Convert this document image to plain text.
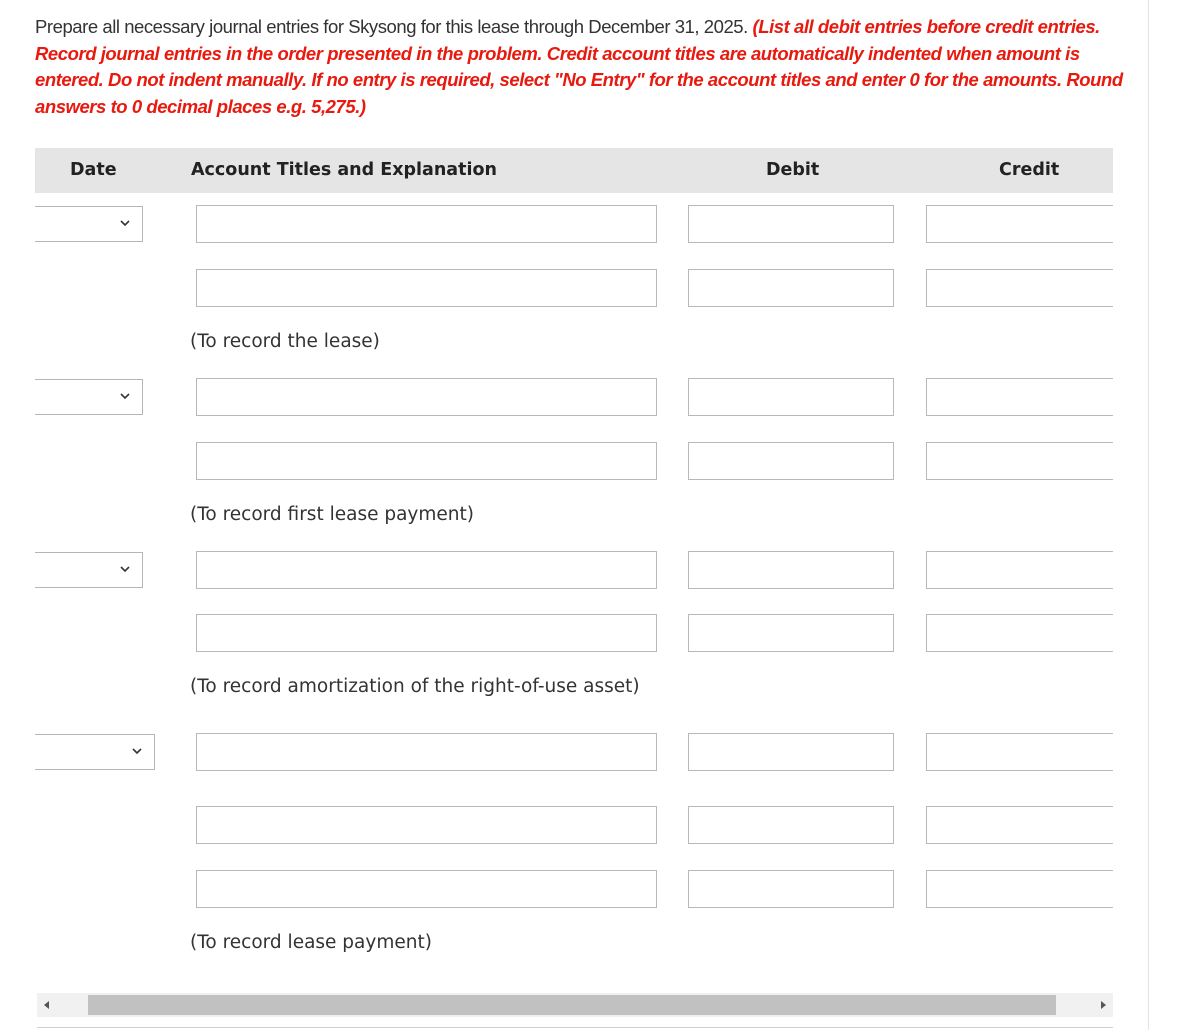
Prepare all necessary journal entries for Skysong for this lease through December 31, 2025. (List all debit entries before credit entries. Record journal entries in the order presented in the problem. Credit account titles are automatically indented when amount is entered. Do not indent manually. If no entry is required, select "No Entry" for the account titles and enter 0 for the amounts. Round answers to 0 decimal places e.g. 5,275.)
Date	Account Titles and Explanation	Debit	Credit
(To record the lease)
(To record first lease payment)
(To record amortization of the right-of-use asset)
(To record lease payment)
